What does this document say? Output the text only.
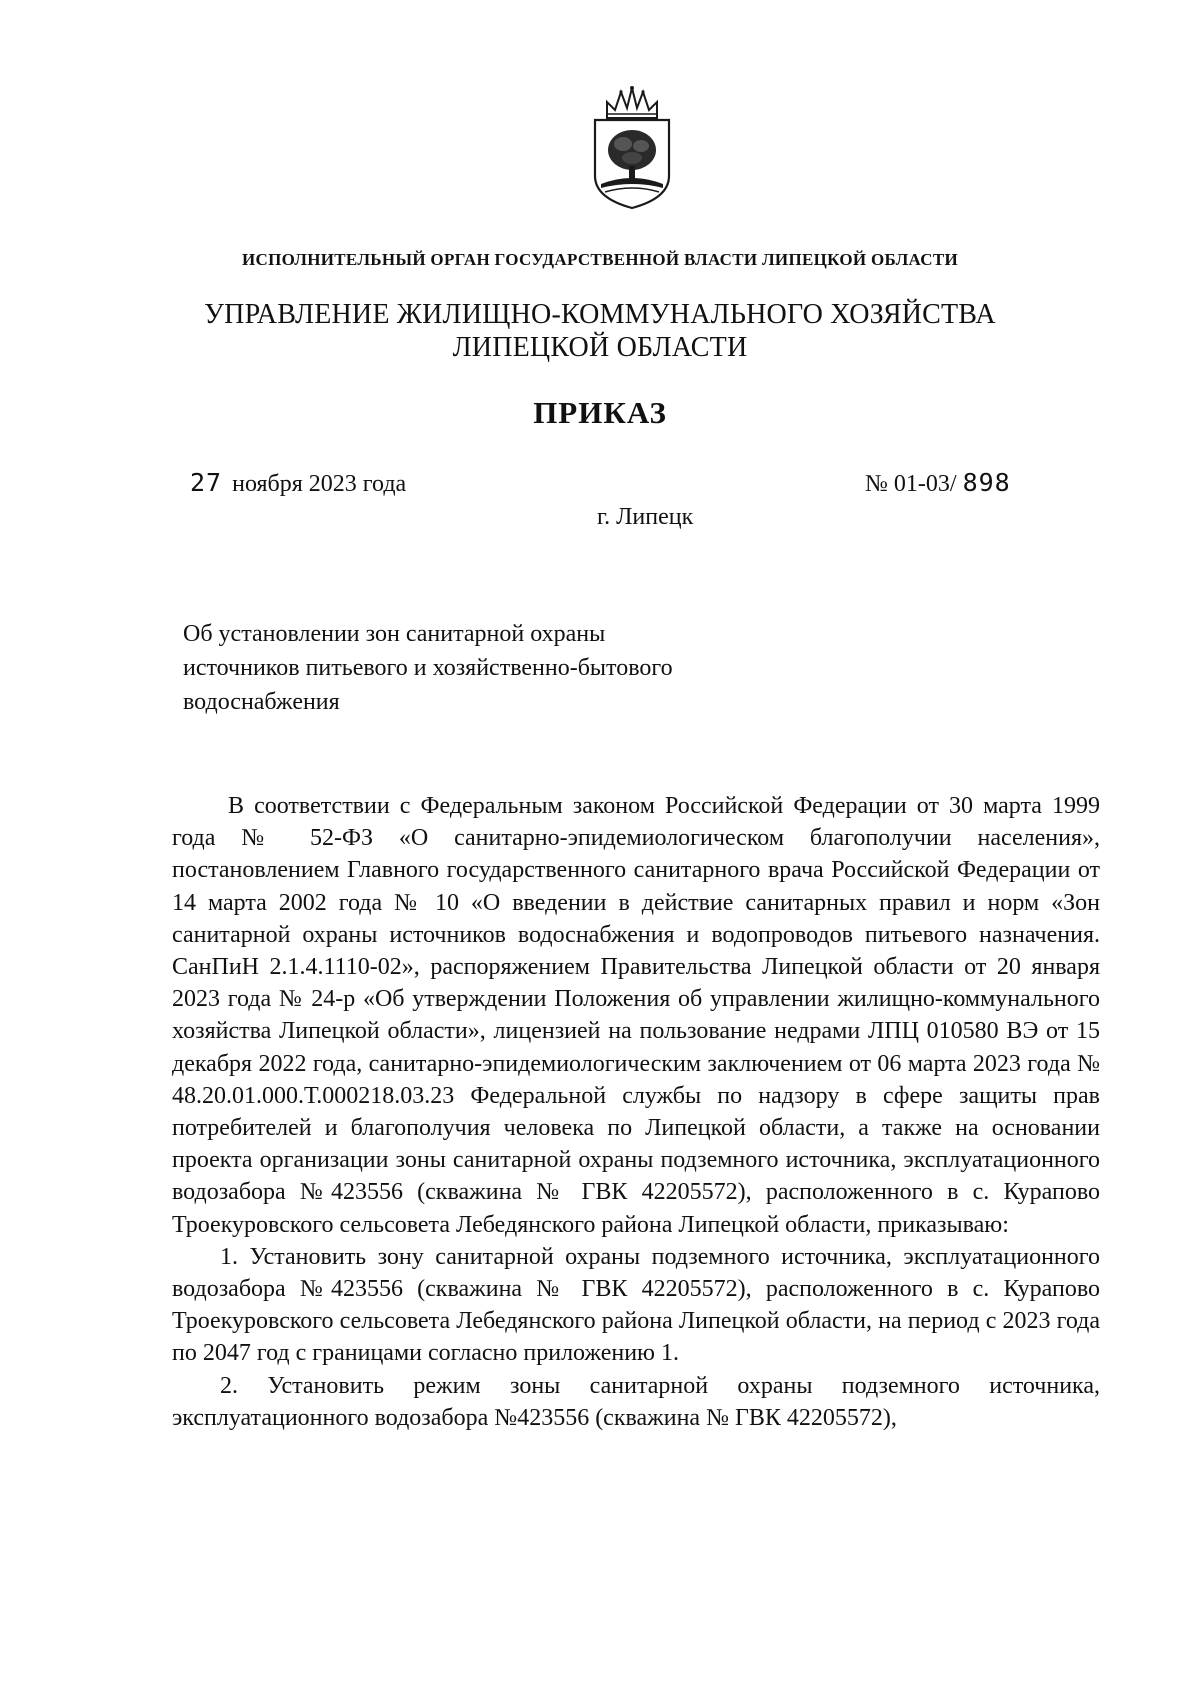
ИСПОЛНИТЕЛЬНЫЙ ОРГАН ГОСУДАРСТВЕННОЙ ВЛАСТИ ЛИПЕЦКОЙ ОБЛАСТИ
УПРАВЛЕНИЕ ЖИЛИЩНО-КОММУНАЛЬНОГО ХОЗЯЙСТВА
ЛИПЕЦКОЙ ОБЛАСТИ
ПРИКАЗ
27 ноября 2023 года	№ 01-03/ 898
г. Липецк
Об установлении зон санитарной охраны
источников питьевого и хозяйственно-бытового
водоснабжения

В соответствии с Федеральным законом Российской Федерации от 30 марта 1999 года № 52-ФЗ «О санитарно-эпидемиологическом благополучии населения», постановлением Главного государственного санитарного врача Российской Федерации от 14 марта 2002 года № 10 «О введении в действие санитарных правил и норм «Зон санитарной охраны источников водоснабжения и водопроводов питьевого назначения. СанПиН 2.1.4.1110-02», распоряжением Правительства Липецкой области от 20 января 2023 года № 24-р «Об утверждении Положения об управлении жилищно-коммунального хозяйства Липецкой области», лицензией на пользование недрами ЛПЦ 010580 ВЭ от 15 декабря 2022 года, санитарно-эпидемиологическим заключением от 06 марта 2023 года № 48.20.01.000.Т.000218.03.23 Федеральной службы по надзору в сфере защиты прав потребителей и благополучия человека по Липецкой области, а также на основании проекта организации зоны санитарной охраны подземного источника, эксплуатационного водозабора №423556 (скважина № ГВК 42205572), расположенного в с. Курапово Троекуровского сельсовета Лебедянского района Липецкой области, приказываю:

1. Установить зону санитарной охраны подземного источника, эксплуатационного водозабора №423556 (скважина № ГВК 42205572), расположенного в с. Курапово Троекуровского сельсовета Лебедянского района Липецкой области, на период с 2023 года по 2047 год с границами согласно приложению 1.

2. Установить режим зоны санитарной охраны подземного источника, эксплуатационного водозабора №423556 (скважина № ГВК 42205572),
